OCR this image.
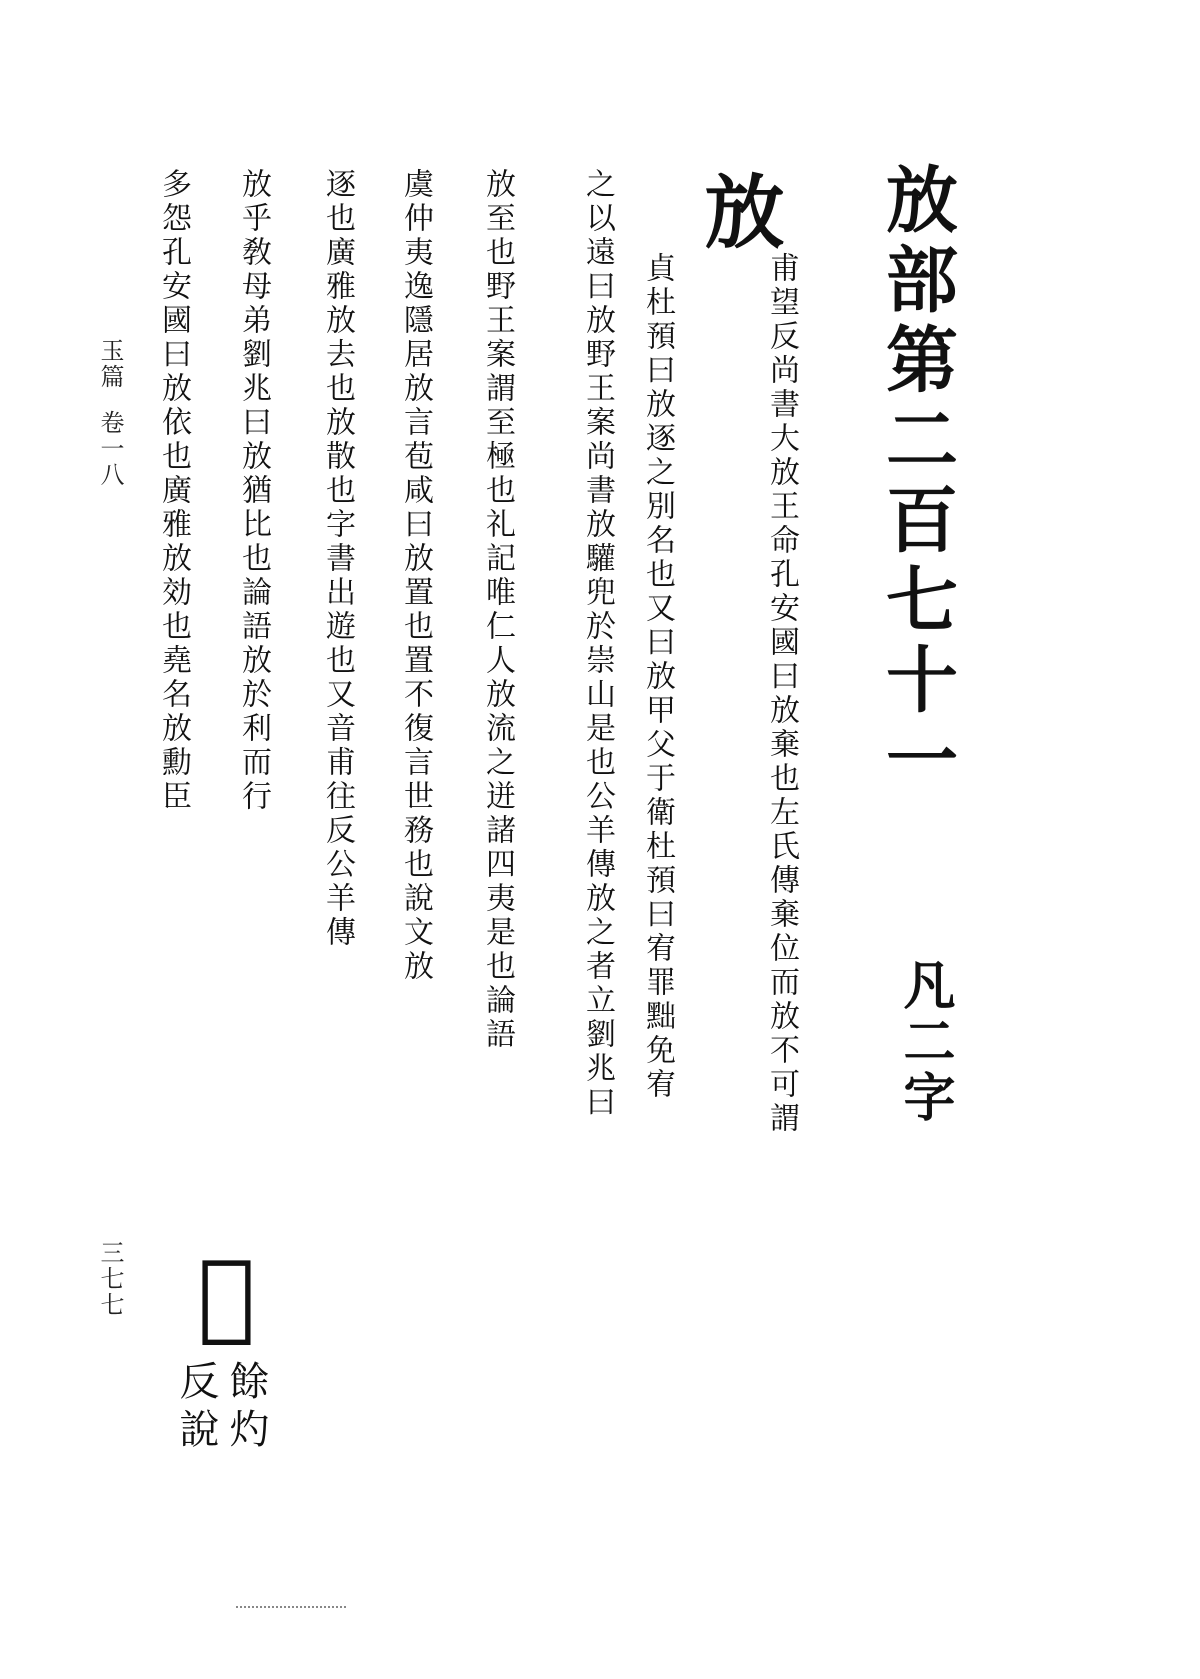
放部第二百七十一
凡二字
放
甫望反尚書大放王命孔安國曰放棄也左氏傳棄位而放不可謂
貞杜預曰放逐之別名也又曰放甲父于衛杜預曰宥罪黜免宥
之以遠曰放野王案尚書放驩兜於崇山是也公羊傳放之者立劉兆曰
放至也野王案謂至極也礼記唯仁人放流之迸諸四夷是也論語
虞仲夷逸隱居放言苞咸曰放置也置不復言世務也說文放
逐也廣雅放去也放散也字書出遊也又音甫往反公羊傳
放乎敎母弟劉兆曰放猶比也論語放於利而行
多怨孔安國曰放依也廣雅放効也堯名放勳臣
𣀈
餘灼
反說
玉篇卷一八
三七七
